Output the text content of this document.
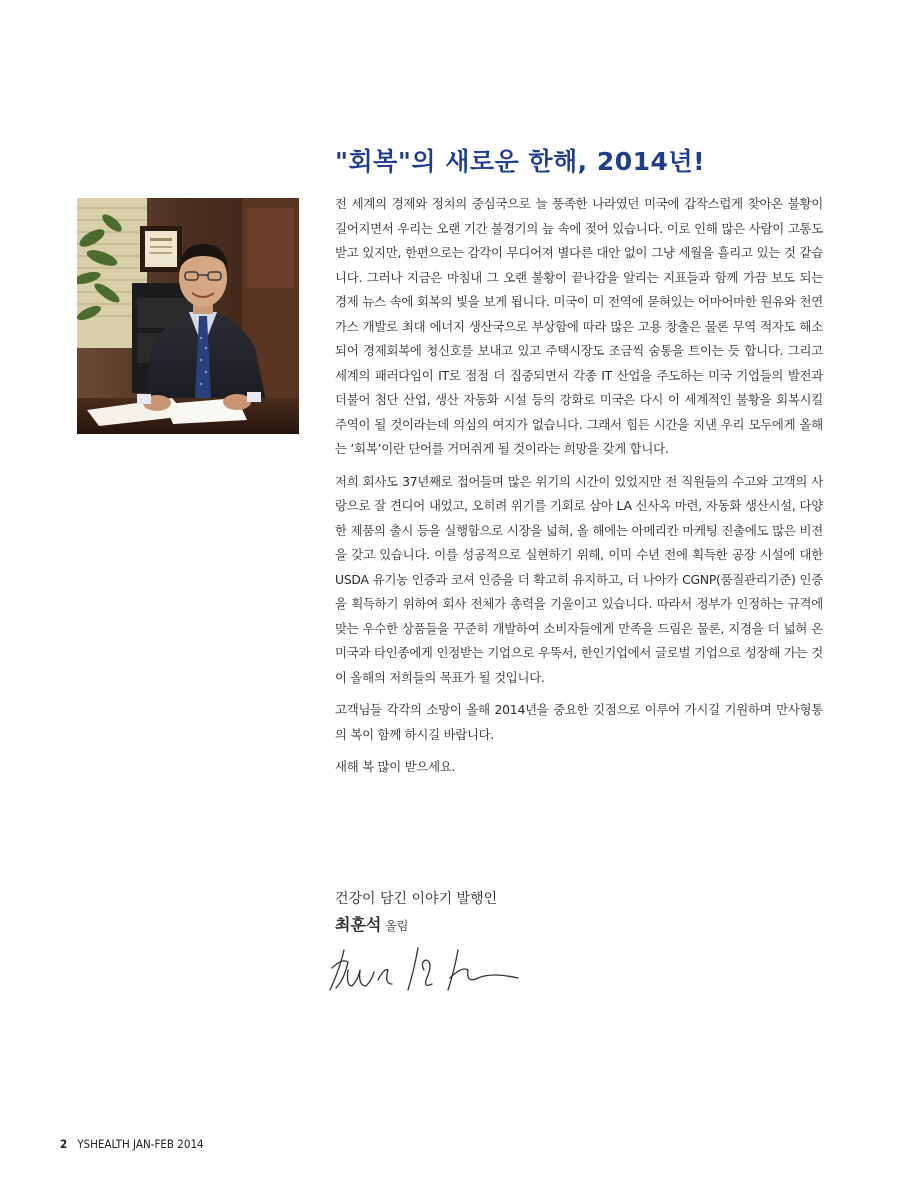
"회복"의 새로운 한해, 2014년!

전 세계의 경제와 정치의 중심국으로 늘 풍족한 나라였던 미국에 갑작스럽게 찾아온 불황이 길어지면서 우리는 오랜 기간 불경기의 늪 속에 젖어 있습니다. 이로 인해 많은 사람이 고통도 받고 있지만, 한편으로는 감각이 무디어져 별다른 대안 없이 그냥 세월을 흘리고 있는 것 같습니다. 그러나 지금은 마침내 그 오랜 불황이 끝나감을 알리는 지표들과 함께 가끔 보도 되는 경제 뉴스 속에 회복의 빛을 보게 됩니다. 미국이 미 전역에 묻혀있는 어마어마한 원유와 천연가스 개발로 최대 에너지 생산국으로 부상함에 따라 많은 고용 창출은 물론 무역 적자도 해소되어 경제회복에 청신호를 보내고 있고 주택시장도 조금씩 숨통을 트이는 듯 합니다. 그리고 세계의 패러다임이 IT로 점점 더 집중되면서 각종 IT 산업을 주도하는 미국 기업들의 발전과 더불어 첨단 산업, 생산 자동화 시설 등의 강화로 미국은 다시 이 세계적인 불황을 회복시킬 주역이 될 것이라는데 의심의 여지가 없습니다. 그래서 힘든 시간을 지낸 우리 모두에게 올해는 ‘회복’이란 단어를 거머쥐게 될 것이라는 희망을 갖게 합니다.

저희 회사도 37년째로 접어들며 많은 위기의 시간이 있었지만 전 직원들의 수고와 고객의 사랑으로 잘 견디어 내었고, 오히려 위기를 기회로 삼아 LA 신사옥 마련, 자동화 생산시설, 다양한 제품의 출시 등을 실행함으로 시장을 넓혀, 올 해에는 아메리칸 마케팅 진출에도 많은 비젼을 갖고 있습니다. 이를 성공적으로 실현하기 위해, 이미 수년 전에 획득한 공장 시설에 대한 USDA 유기농 인증과 코셔 인증을 더 확고히 유지하고, 더 나아가 CGNP(품질관리기준) 인증을 획득하기 위하여 회사 전체가 총력을 기울이고 있습니다. 따라서 정부가 인정하는 규격에 맞는 우수한 상품들을 꾸준히 개발하여 소비자들에게 만족을 드림은 물론, 지경을 더 넓혀 온 미국과 타인종에게 인정받는 기업으로 우뚝서, 한인기업에서 글로벌 기업으로 성장해 가는 것이 올해의 저희들의 목표가 될 것입니다.

고객님들 각각의 소망이 올해 2014년을 중요한 깃점으로 이루어 가시길 기원하며 만사형통의 복이 함께 하시길 바랍니다.

새해 복 많이 받으세요.

건강이 담긴 이야기 발행인
최훈석 올림
2 YSHEALTH JAN-FEB 2014
